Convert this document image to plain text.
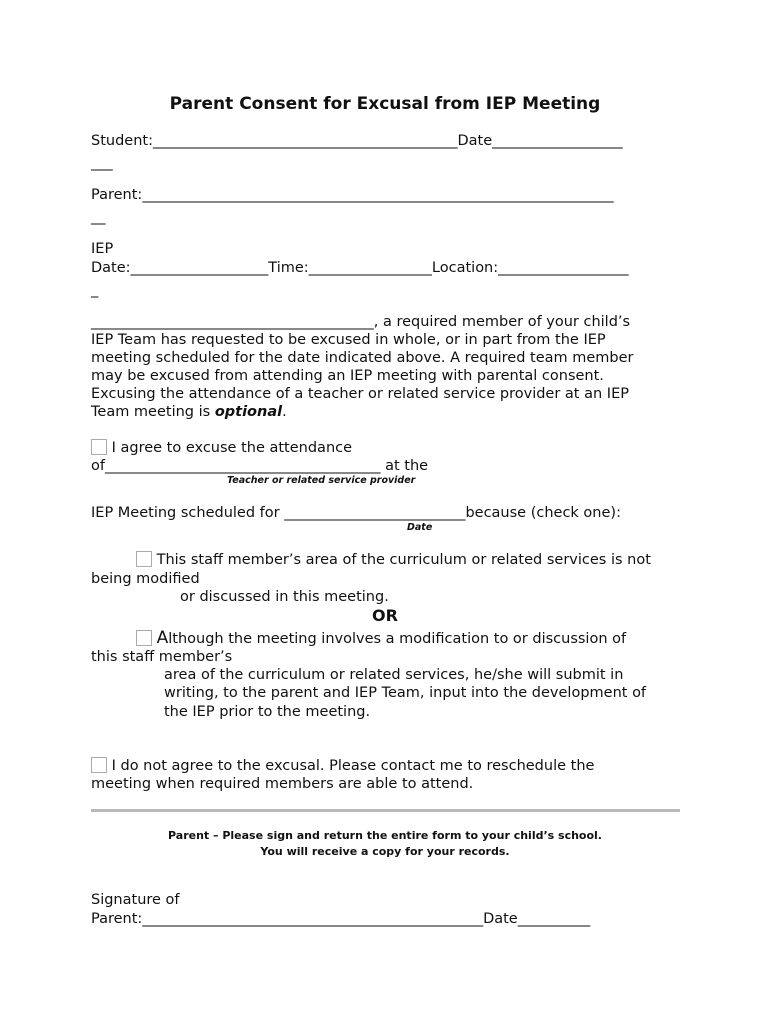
Parent Consent for Excusal from IEP Meeting
Student:__________________________________________Date__________________
___
Parent:_________________________________________________________________
__
IEP
Date:___________________Time:_________________Location:__________________
_
_______________________________________, a required member of your child’s
IEP Team has requested to be excused in whole, or in part from the IEP
meeting scheduled for the date indicated above. A required team member
may be excused from attending an IEP meeting with parental consent.
Excusing the attendance of a teacher or related service provider at an IEP
Team meeting is optional.
I agree to excuse the attendance
of______________________________________ at the
Teacher or related service provider
IEP Meeting scheduled for _________________________because (check one):
Date
This staff member’s area of the curriculum or related services is not
being modified
or discussed in this meeting.
OR
Although the meeting involves a modification to or discussion of
this staff member’s
area of the curriculum or related services, he/she will submit in
writing, to the parent and IEP Team, input into the development of
the IEP prior to the meeting.
I do not agree to the excusal. Please contact me to reschedule the
meeting when required members are able to attend.
Parent – Please sign and return the entire form to your child’s school.
You will receive a copy for your records.
Signature of
Parent:_______________________________________________Date__________
